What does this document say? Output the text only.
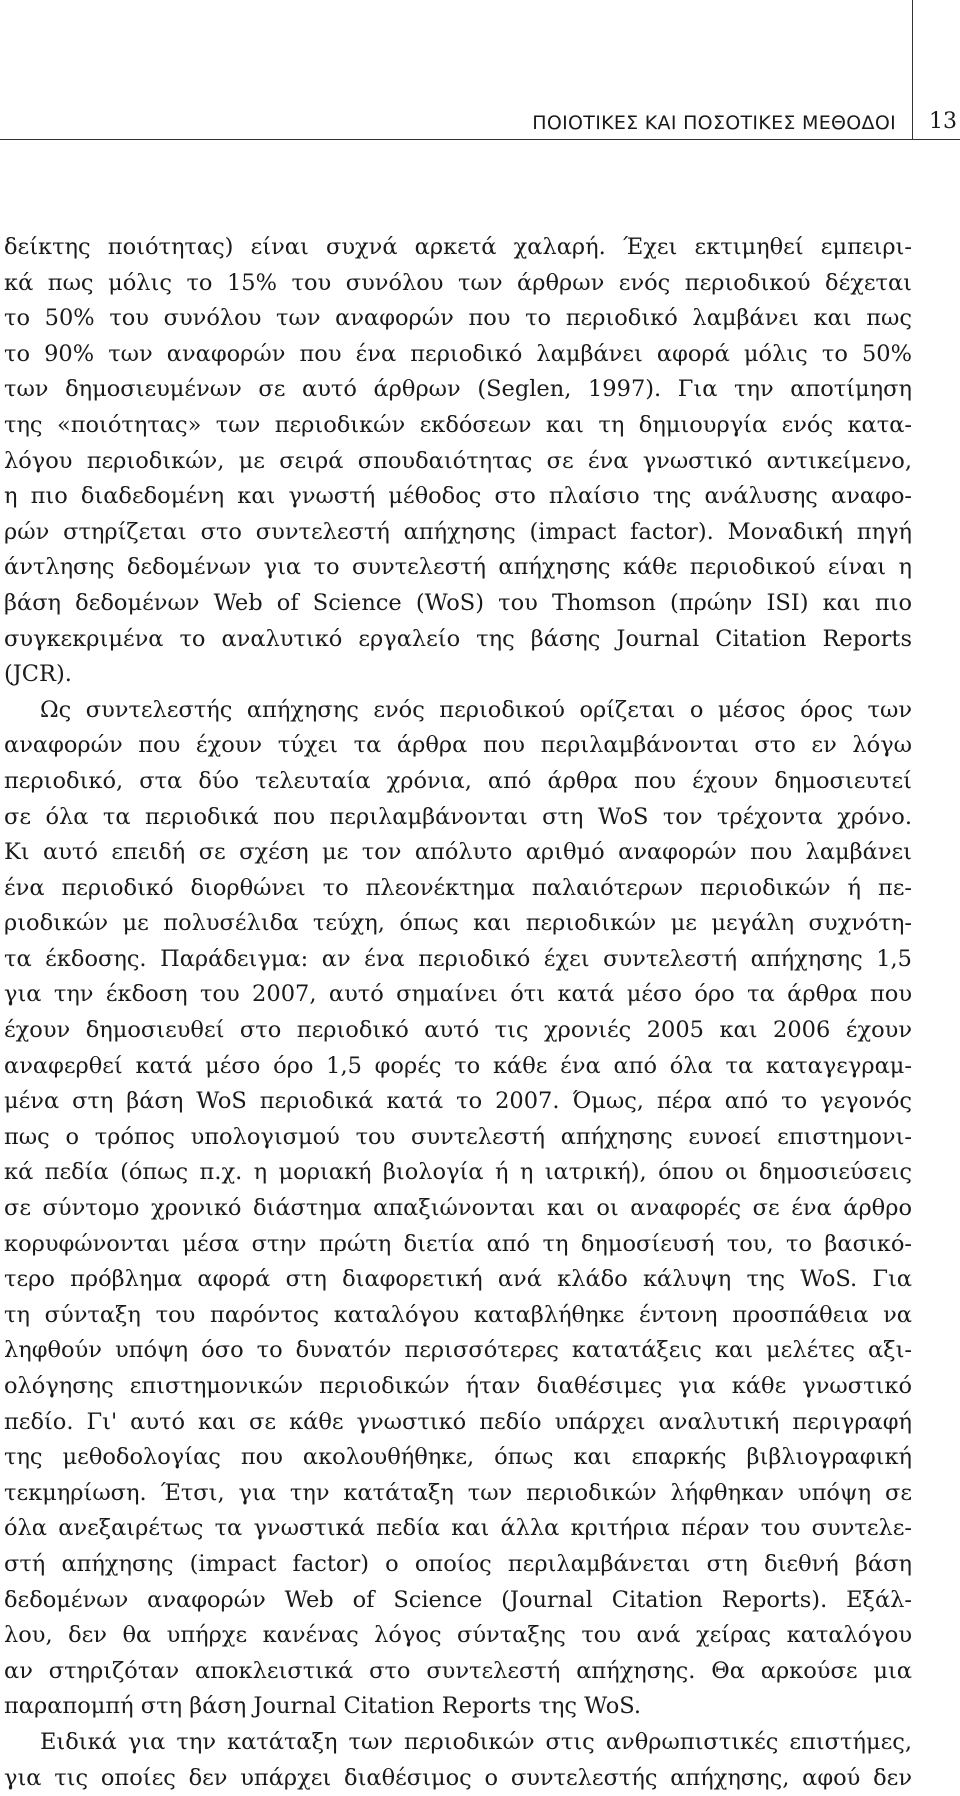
ΠΟΙΟΤΙΚΕΣ ΚΑΙ ΠΟΣΟΤΙΚΕΣ ΜΕΘΟΔΟΙ 13
δείκτης ποιότητας) είναι συχνά αρκετά χαλαρή. Έχει εκτιμηθεί εμπειρι-
κά πως μόλις το 15% του συνόλου των άρθρων ενός περιοδικού δέχεται
το 50% του συνόλου των αναφορών που το περιοδικό λαμβάνει και πως
το 90% των αναφορών που ένα περιοδικό λαμβάνει αφορά μόλις το 50%
των δημοσιευμένων σε αυτό άρθρων (Seglen, 1997). Για την αποτίμηση
της «ποιότητας» των περιοδικών εκδόσεων και τη δημιουργία ενός κατα-
λόγου περιοδικών, με σειρά σπουδαιότητας σε ένα γνωστικό αντικείμενο,
η πιο διαδεδομένη και γνωστή μέθοδος στο πλαίσιο της ανάλυσης αναφο-
ρών στηρίζεται στο συντελεστή απήχησης (impact factor). Μοναδική πηγή
άντλησης δεδομένων για το συντελεστή απήχησης κάθε περιοδικού είναι η
βάση δεδομένων Web of Science (WoS) του Thomson (πρώην ISI) και πιο
συγκεκριμένα το αναλυτικό εργαλείο της βάσης Journal Citation Reports
(JCR).
Ως συντελεστής απήχησης ενός περιοδικού ορίζεται ο μέσος όρος των
αναφορών που έχουν τύχει τα άρθρα που περιλαμβάνονται στο εν λόγω
περιοδικό, στα δύο τελευταία χρόνια, από άρθρα που έχουν δημοσιευτεί
σε όλα τα περιοδικά που περιλαμβάνονται στη WoS τον τρέχοντα χρόνο.
Κι αυτό επειδή σε σχέση με τον απόλυτο αριθμό αναφορών που λαμβάνει
ένα περιοδικό διορθώνει το πλεονέκτημα παλαιότερων περιοδικών ή πε-
ριοδικών με πολυσέλιδα τεύχη, όπως και περιοδικών με μεγάλη συχνότη-
τα έκδοσης. Παράδειγμα: αν ένα περιοδικό έχει συντελεστή απήχησης 1,5
για την έκδοση του 2007, αυτό σημαίνει ότι κατά μέσο όρο τα άρθρα που
έχουν δημοσιευθεί στο περιοδικό αυτό τις χρονιές 2005 και 2006 έχουν
αναφερθεί κατά μέσο όρο 1,5 φορές το κάθε ένα από όλα τα καταγεγραμ-
μένα στη βάση WoS περιοδικά κατά το 2007. Όμως, πέρα από το γεγονός
πως ο τρόπος υπολογισμού του συντελεστή απήχησης ευνοεί επιστημονι-
κά πεδία (όπως π.χ. η μοριακή βιολογία ή η ιατρική), όπου οι δημοσιεύσεις
σε σύντομο χρονικό διάστημα απαξιώνονται και οι αναφορές σε ένα άρθρο
κορυφώνονται μέσα στην πρώτη διετία από τη δημοσίευσή του, το βασικό-
τερο πρόβλημα αφορά στη διαφορετική ανά κλάδο κάλυψη της WoS. Για
τη σύνταξη του παρόντος καταλόγου καταβλήθηκε έντονη προσπάθεια να
ληφθούν υπόψη όσο το δυνατόν περισσότερες κατατάξεις και μελέτες αξι-
ολόγησης επιστημονικών περιοδικών ήταν διαθέσιμες για κάθε γνωστικό
πεδίο. Γι' αυτό και σε κάθε γνωστικό πεδίο υπάρχει αναλυτική περιγραφή
της μεθοδολογίας που ακολουθήθηκε, όπως και επαρκής βιβλιογραφική
τεκμηρίωση. Έτσι, για την κατάταξη των περιοδικών λήφθηκαν υπόψη σε
όλα ανεξαιρέτως τα γνωστικά πεδία και άλλα κριτήρια πέραν του συντελε-
στή απήχησης (impact factor) ο οποίος περιλαμβάνεται στη διεθνή βάση
δεδομένων αναφορών Web of Science (Journal Citation Reports). Εξάλ-
λου, δεν θα υπήρχε κανένας λόγος σύνταξης του ανά χείρας καταλόγου
αν στηριζόταν αποκλειστικά στο συντελεστή απήχησης. Θα αρκούσε μια
παραπομπή στη βάση Journal Citation Reports της WoS.
Ειδικά για την κατάταξη των περιοδικών στις ανθρωπιστικές επιστήμες,
για τις οποίες δεν υπάρχει διαθέσιμος ο συντελεστής απήχησης, αφού δεν
